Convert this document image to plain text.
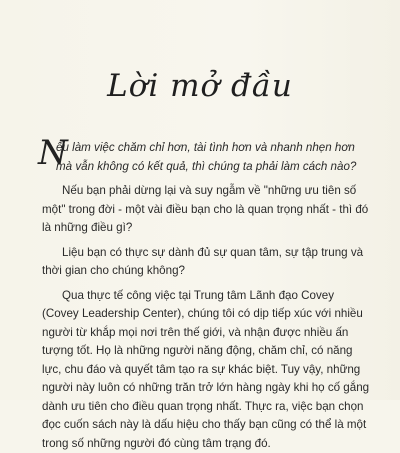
Lời mở đầu

N
ếu làm việc chăm chỉ hơn, tài tình hơn và nhanh nhẹn hơn mà vẫn không có kết quả, thì chúng ta phải làm cách nào?

Nếu bạn phải dừng lại và suy ngẫm về "những ưu tiên số một" trong đời - một vài điều bạn cho là quan trọng nhất - thì đó là những điều gì?

Liệu bạn có thực sự dành đủ sự quan tâm, sự tập trung và thời gian cho chúng không?

Qua thực tế công việc tại Trung tâm Lãnh đạo Covey (Covey Leadership Center), chúng tôi có dịp tiếp xúc với nhiều người từ khắp mọi nơi trên thế giới, và nhận được nhiều ấn tượng tốt. Họ là những người năng động, chăm chỉ, có năng lực, chu đáo và quyết tâm tạo ra sự khác biệt. Tuy vậy, những người này luôn có những trăn trở lớn hàng ngày khi họ cố gắng dành ưu tiên cho điều quan trọng nhất. Thực ra, việc bạn chọn đọc cuốn sách này là dấu hiệu cho thấy bạn cũng có thể là một trong số những người đó cùng tâm trạng đó.
